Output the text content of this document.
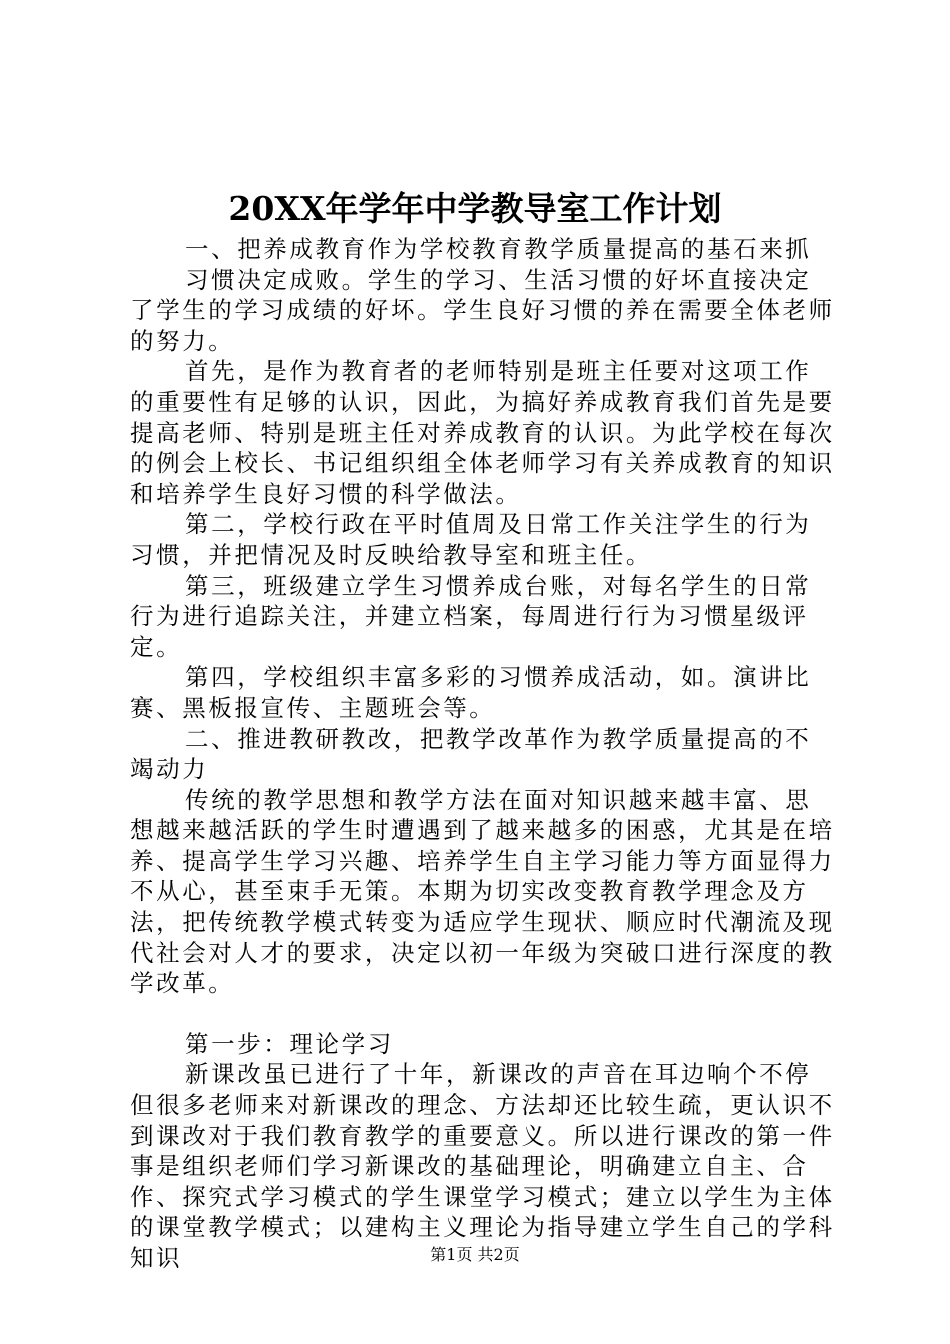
20XX年学年中学教导室工作计划

一、把养成教育作为学校教育教学质量提高的基石来抓

习惯决定成败。学生的学习、生活习惯的好坏直接决定了学生的学习成绩的好坏。学生良好习惯的养在需要全体老师的努力。

首先，是作为教育者的老师特别是班主任要对这项工作的重要性有足够的认识，因此，为搞好养成教育我们首先是要提高老师、特别是班主任对养成教育的认识。为此学校在每次的例会上校长、书记组织组全体老师学习有关养成教育的知识和培养学生良好习惯的科学做法。

第二，学校行政在平时值周及日常工作关注学生的行为习惯，并把情况及时反映给教导室和班主任。

第三，班级建立学生习惯养成台账，对每名学生的日常行为进行追踪关注，并建立档案，每周进行行为习惯星级评定。

第四，学校组织丰富多彩的习惯养成活动，如。演讲比赛、黑板报宣传、主题班会等。

二、推进教研教改，把教学改革作为教学质量提高的不竭动力

传统的教学思想和教学方法在面对知识越来越丰富、思想越来越活跃的学生时遭遇到了越来越多的困惑，尤其是在培养、提高学生学习兴趣、培养学生自主学习能力等方面显得力不从心，甚至束手无策。本期为切实改变教育教学理念及方法，把传统教学模式转变为适应学生现状、顺应时代潮流及现代社会对人才的要求，决定以初一年级为突破口进行深度的教学改革。

第一步：理论学习

新课改虽已进行了十年，新课改的声音在耳边响个不停但很多老师来对新课改的理念、方法却还比较生疏，更认识不到课改对于我们教育教学的重要意义。所以进行课改的第一件事是组织老师们学习新课改的基础理论，明确建立自主、合作、探究式学习模式的学生课堂学习模式；建立以学生为主体的课堂教学模式；以建构主义理论为指导建立学生自己的学科知识	第1页 共2页
